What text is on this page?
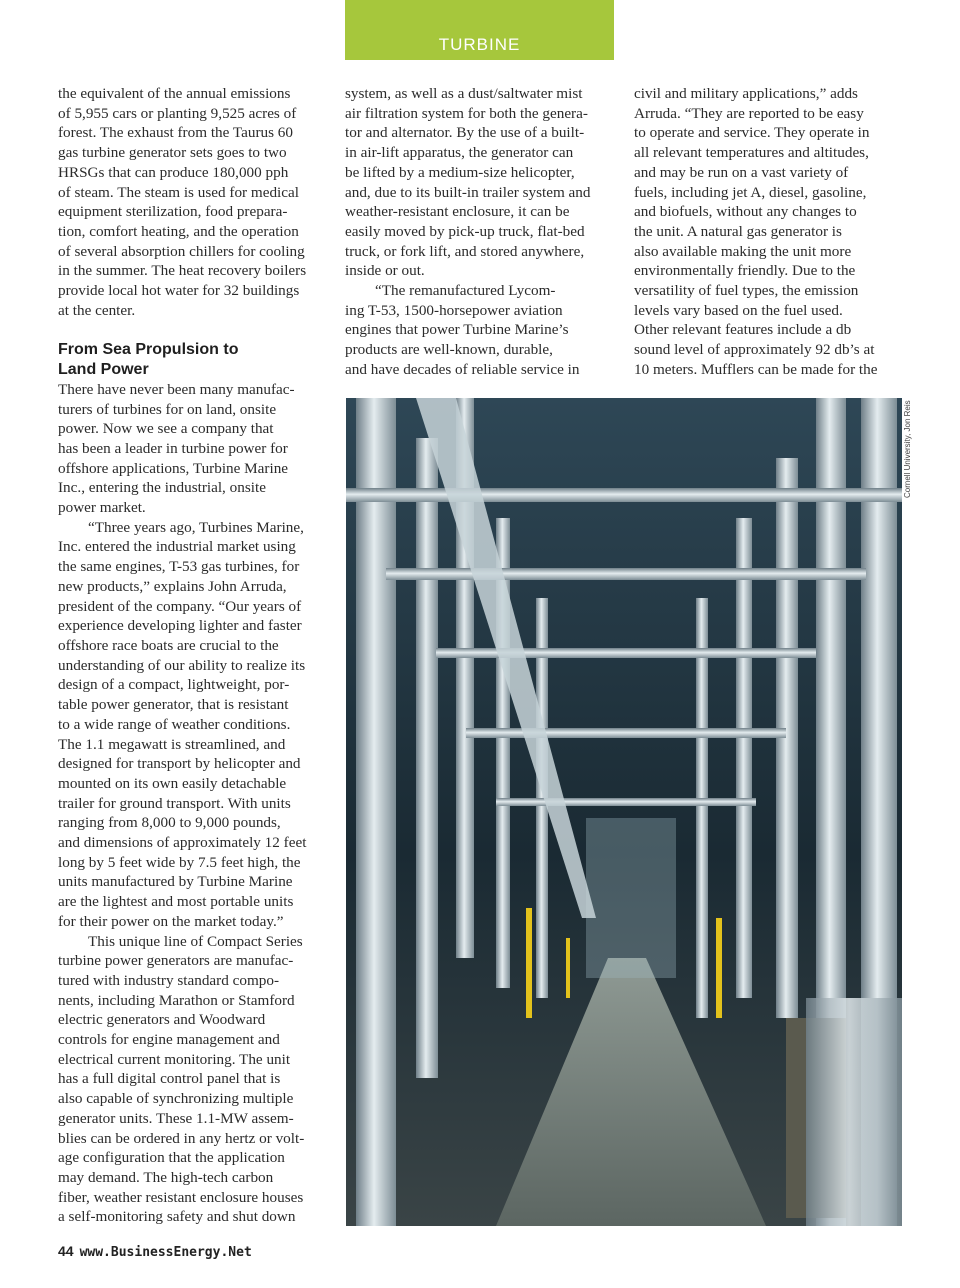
TURBINE

the equivalent of the annual emissions

of 5,955 cars or planting 9,525 acres of

forest. The exhaust from the Taurus 60

gas turbine generator sets goes to two

HRSGs that can produce 180,000 pph

of steam. The steam is used for medical

equipment sterilization, food prepara-

tion, comfort heating, and the operation

of several absorption chillers for cooling

in the summer. The heat recovery boilers

provide local hot water for 32 buildings

at the center.

From Sea Propulsion to

Land Power

There have never been many manufac-

turers of turbines for on land, onsite

power. Now we see a company that

has been a leader in turbine power for

offshore applications, Turbine Marine

Inc., entering the industrial, onsite

power market.

“Three years ago, Turbines Marine,

Inc. entered the industrial market using

the same engines, T-53 gas turbines, for

new products,” explains John Arruda,

president of the company. “Our years of

experience developing lighter and faster

offshore race boats are crucial to the

understanding of our ability to realize its

design of a compact, lightweight, por-

table power generator, that is resistant

to a wide range of weather conditions.

The 1.1 megawatt is streamlined, and

designed for transport by helicopter and

mounted on its own easily detachable

trailer for ground transport. With units

ranging from 8,000 to 9,000 pounds,

and dimensions of approximately 12 feet

long by 5 feet wide by 7.5 feet high, the

units manufactured by Turbine Marine

are the lightest and most portable units

for their power on the market today.”

This unique line of Compact Series

turbine power generators are manufac-

tured with industry standard compo-

nents, including Marathon or Stamford

electric generators and Woodward

controls for engine management and

electrical current monitoring. The unit

has a full digital control panel that is

also capable of synchronizing multiple

generator units. These 1.1-MW assem-

blies can be ordered in any hertz or volt-

age configuration that the application

may demand. The high-tech carbon

fiber, weather resistant enclosure houses

a self-monitoring safety and shut down

system, as well as a dust/saltwater mist

air filtration system for both the genera-

tor and alternator. By the use of a built-

in air-lift apparatus, the generator can

be lifted by a medium-size helicopter,

and, due to its built-in trailer system and

weather-resistant enclosure, it can be

easily moved by pick-up truck, flat-bed

truck, or fork lift, and stored anywhere,

inside or out.

“The remanufactured Lycom-

ing T-53, 1500-horsepower aviation

engines that power Turbine Marine’s

products are well-known, durable,

and have decades of reliable service in

civil and military applications,” adds

Arruda. “They are reported to be easy

to operate and service. They operate in

all relevant temperatures and altitudes,

and may be run on a vast variety of

fuels, including jet A, diesel, gasoline,

and biofuels, without any changes to

the unit. A natural gas generator is

also available making the unit more

environmentally friendly. Due to the

versatility of fuel types, the emission

levels vary based on the fuel used.

Other relevant features include a db

sound level of approximately 92 db’s at

10 meters. Mufflers can be made for the

Cornell University, Jon Reis
44 www.BusinessEnergy.Net
